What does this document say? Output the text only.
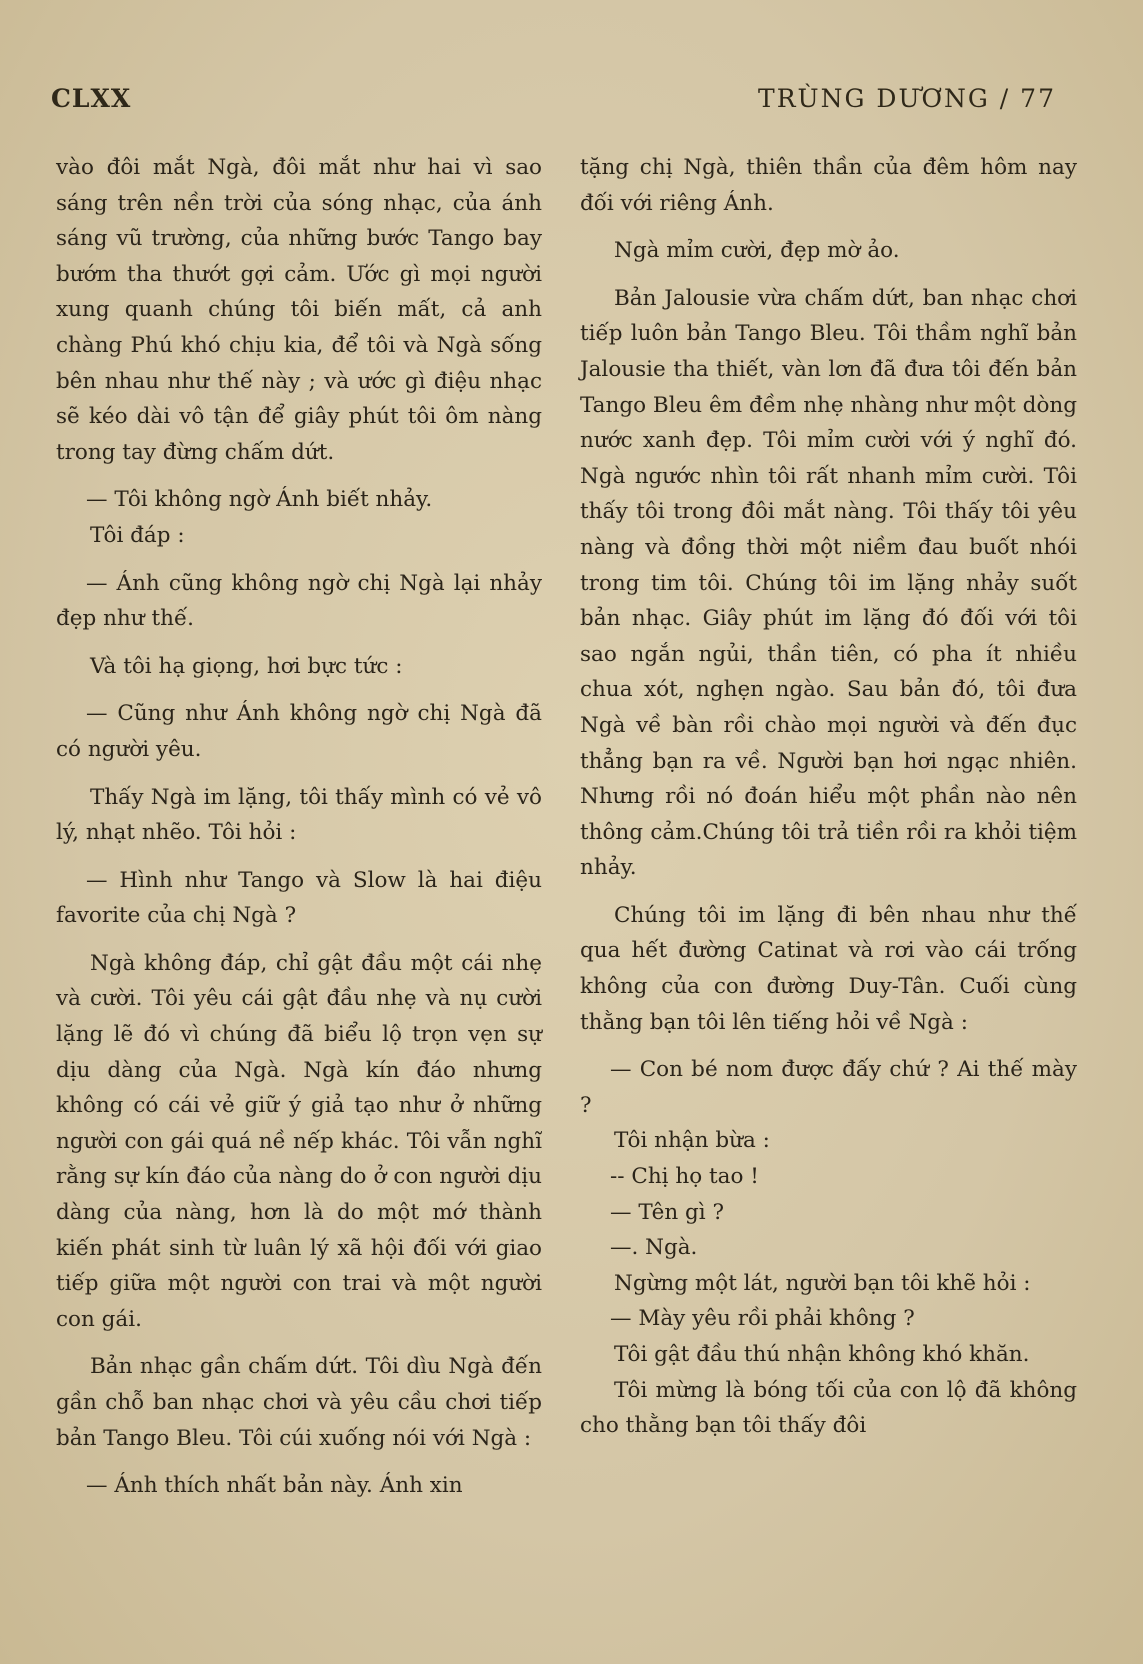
CLXX	TRÙNG DƯƠNG / 77

vào đôi mắt Ngà, đôi mắt như hai vì sao sáng trên nền trời của sóng nhạc, của ánh sáng vũ trường, của những bước Tango bay bướm tha thướt gợi cảm. Ước gì mọi người xung quanh chúng tôi biến mất, cả anh chàng Phú khó chịu kia, để tôi và Ngà sống bên nhau như thế này ; và ước gì điệu nhạc sẽ kéo dài vô tận để giây phút tôi ôm nàng trong tay đừng chấm dứt.

— Tôi không ngờ Ánh biết nhảy.

Tôi đáp :

— Ánh cũng không ngờ chị Ngà lại nhảy đẹp như thế.

Và tôi hạ giọng, hơi bực tức :

— Cũng như Ánh không ngờ chị Ngà đã có người yêu.

Thấy Ngà im lặng, tôi thấy mình có vẻ vô lý, nhạt nhẽo. Tôi hỏi :

— Hình như Tango và Slow là hai điệu favorite của chị Ngà ?

Ngà không đáp, chỉ gật đầu một cái nhẹ và cười. Tôi yêu cái gật đầu nhẹ và nụ cười lặng lẽ đó vì chúng đã biểu lộ trọn vẹn sự dịu dàng của Ngà. Ngà kín đáo nhưng không có cái vẻ giữ ý giả tạo như ở những người con gái quá nề nếp khác. Tôi vẫn nghĩ rằng sự kín đáo của nàng do ở con người dịu dàng của nàng, hơn là do một mớ thành kiến phát sinh từ luân lý xã hội đối với giao tiếp giữa một người con trai và một người con gái.

Bản nhạc gần chấm dứt. Tôi dìu Ngà đến gần chỗ ban nhạc chơi và yêu cầu chơi tiếp bản Tango Bleu. Tôi cúi xuống nói với Ngà :

— Ánh thích nhất bản này. Ánh xin

tặng chị Ngà, thiên thần của đêm hôm nay đối với riêng Ánh.

Ngà mỉm cười, đẹp mờ ảo.

Bản Jalousie vừa chấm dứt, ban nhạc chơi tiếp luôn bản Tango Bleu. Tôi thầm nghĩ bản Jalousie tha thiết, vàn lơn đã đưa tôi đến bản Tango Bleu êm đềm nhẹ nhàng như một dòng nước xanh đẹp. Tôi mỉm cười với ý nghĩ đó. Ngà ngước nhìn tôi rất nhanh mỉm cười. Tôi thấy tôi trong đôi mắt nàng. Tôi thấy tôi yêu nàng và đồng thời một niềm đau buốt nhói trong tim tôi. Chúng tôi im lặng nhảy suốt bản nhạc. Giây phút im lặng đó đối với tôi sao ngắn ngủi, thần tiên, có pha ít nhiều chua xót, nghẹn ngào. Sau bản đó, tôi đưa Ngà về bàn rồi chào mọi người và đến đục thẳng bạn ra về. Người bạn hơi ngạc nhiên. Nhưng rồi nó đoán hiểu một phần nào nên thông cảm.Chúng tôi trả tiền rồi ra khỏi tiệm nhảy.

Chúng tôi im lặng đi bên nhau như thế qua hết đường Catinat và rơi vào cái trống không của con đường Duy-Tân. Cuối cùng thằng bạn tôi lên tiếng hỏi về Ngà :

— Con bé nom được đấy chứ ? Ai thế mày ?

Tôi nhận bừa :

-- Chị họ tao !

— Tên gì ?

—. Ngà.

Ngừng một lát, người bạn tôi khẽ hỏi :

— Mày yêu rồi phải không ?

Tôi gật đầu thú nhận không khó khăn.

Tôi mừng là bóng tối của con lộ đã không cho thằng bạn tôi thấy đôi
